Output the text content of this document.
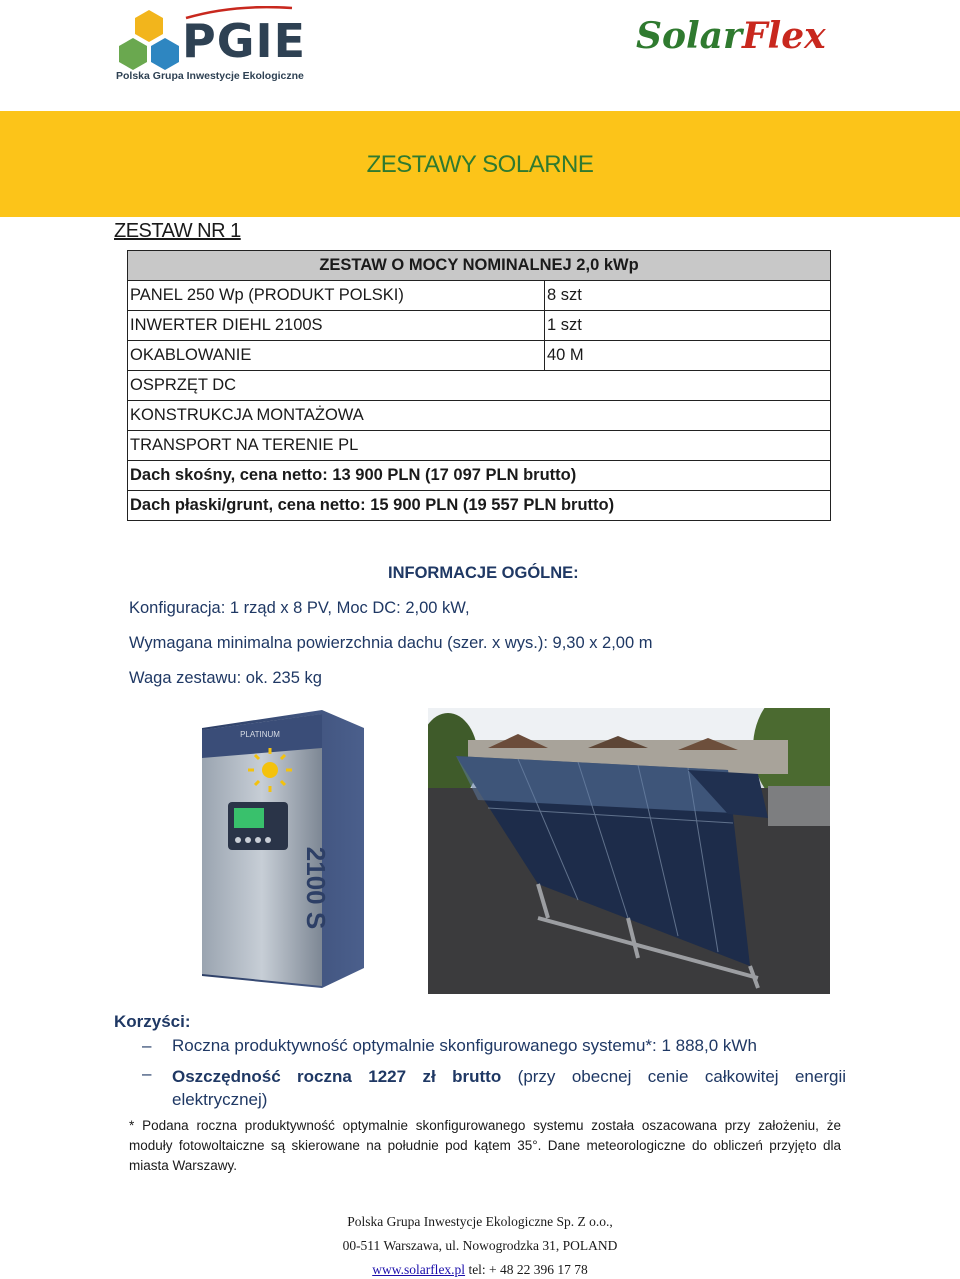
PGIE
Polska Grupa Inwestycje Ekologiczne
SolarFlex
ZESTAWY SOLARNE
ZESTAW NR 1
ZESTAW O MOCY NOMINALNEJ 2,0 kWp	
PANEL 250 Wp (PRODUKT POLSKI)	8 szt
INWERTER DIEHL 2100S	1 szt
OKABLOWANIE	40 M
OSPRZĘT DC	
KONSTRUKCJA MONTAŻOWA	
TRANSPORT NA TERENIE PL	
Dach skośny, cena netto: 13 900 PLN (17 097 PLN brutto)	
Dach płaski/grunt, cena netto: 15 900 PLN (19 557 PLN brutto)	
INFORMACJE OGÓLNE:
Konfiguracja: 1 rząd x 8 PV, Moc DC: 2,00 kW,
Wymagana minimalna powierzchnia dachu (szer. x wys.): 9,30 x 2,00 m
Waga zestawu: ok. 235 kg
PLATINUM
2100 S
Korzyści:
–	Roczna produktywność optymalnie skonfigurowanego systemu*: 1 888,0 kWh
–	Oszczędność roczna 1227 zł brutto (przy obecnej cenie całkowitej energii
elektrycznej)
* Podana roczna produktywność optymalnie skonfigurowanego systemu została oszacowana przy założeniu, że moduły fotowoltaiczne są skierowane na południe pod kątem 35°. Dane meteorologiczne do obliczeń przyjęto dla miasta Warszawy.
Polska Grupa Inwestycje Ekologiczne Sp. Z o.o.,
00-511 Warszawa, ul. Nowogrodzka 31, POLAND
www.solarflex.pl tel: + 48 22 396 17 78
